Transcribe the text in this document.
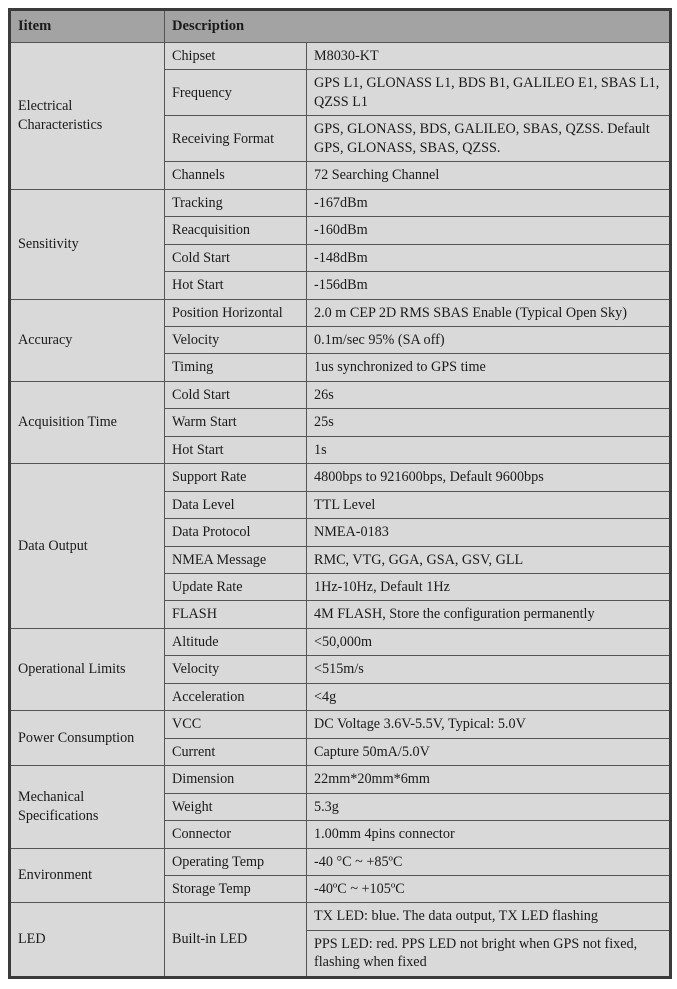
Iitem	Description	
Electrical Characteristics	Chipset	M8030-KT
	Frequency	GPS L1, GLONASS L1, BDS B1, GALILEO E1, SBAS L1, QZSS L1
	Receiving Format	GPS, GLONASS, BDS, GALILEO, SBAS, QZSS. Default GPS, GLONASS, SBAS, QZSS.
	Channels	72 Searching Channel
Sensitivity	Tracking	-167dBm
	Reacquisition	-160dBm
	Cold Start	-148dBm
	Hot Start	-156dBm
Accuracy	Position Horizontal	2.0 m CEP 2D RMS SBAS Enable (Typical Open Sky)
	Velocity	0.1m/sec 95% (SA off)
	Timing	1us synchronized to GPS time
Acquisition Time	Cold Start	26s
	Warm Start	25s
	Hot Start	1s
Data Output	Support Rate	4800bps to 921600bps, Default 9600bps
	Data Level	TTL Level
	Data Protocol	NMEA-0183
	NMEA Message	RMC, VTG, GGA, GSA, GSV, GLL
	Update Rate	1Hz-10Hz, Default 1Hz
	FLASH	4M FLASH, Store the configuration permanently
Operational Limits	Altitude	<50,000m
	Velocity	<515m/s
	Acceleration	<4g
Power Consumption	VCC	DC Voltage 3.6V-5.5V, Typical: 5.0V
	Current	Capture 50mA/5.0V
Mechanical Specifications	Dimension	22mm*20mm*6mm
	Weight	5.3g
	Connector	1.00mm 4pins connector
Environment	Operating Temp	-40 °C ~ +85ºC
	Storage Temp	-40ºC ~ +105ºC
LED	Built-in LED	TX LED: blue. The data output, TX LED flashing
		PPS LED: red. PPS LED not bright when GPS not fixed, flashing when fixed
